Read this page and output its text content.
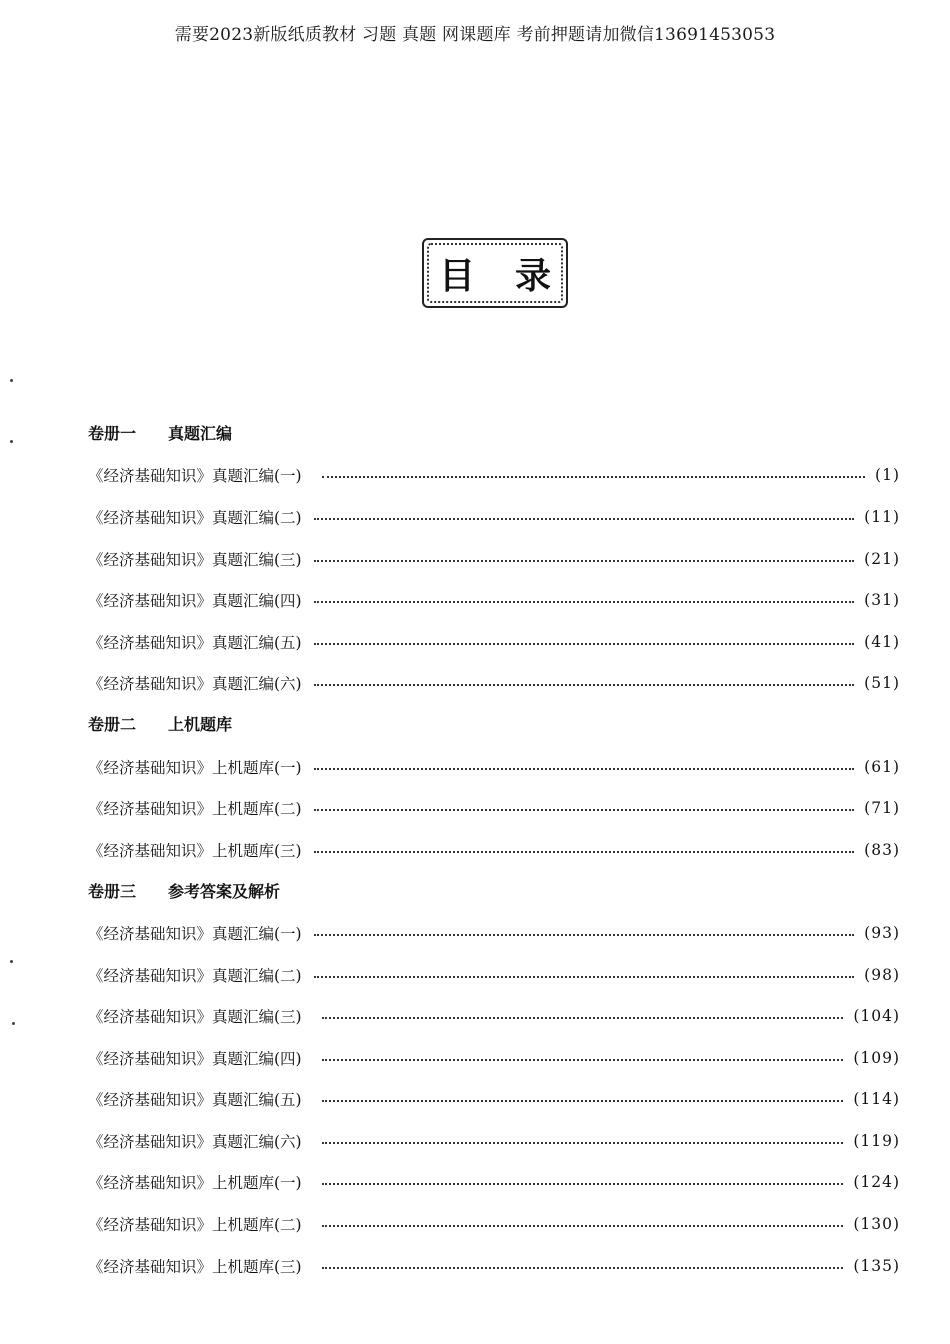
需要2023新版纸质教材 习题 真题 网课题库 考前押题请加微信13691453053
目录
卷册一 真题汇编
《经济基础知识》真题汇编(一)	(1)
《经济基础知识》真题汇编(二)	(11)
《经济基础知识》真题汇编(三)	(21)
《经济基础知识》真题汇编(四)	(31)
《经济基础知识》真题汇编(五)	(41)
《经济基础知识》真题汇编(六)	(51)
卷册二 上机题库
《经济基础知识》上机题库(一)	(61)
《经济基础知识》上机题库(二)	(71)
《经济基础知识》上机题库(三)	(83)
卷册三 参考答案及解析
《经济基础知识》真题汇编(一)	(93)
《经济基础知识》真题汇编(二)	(98)
《经济基础知识》真题汇编(三)	(104)
《经济基础知识》真题汇编(四)	(109)
《经济基础知识》真题汇编(五)	(114)
《经济基础知识》真题汇编(六)	(119)
《经济基础知识》上机题库(一)	(124)
《经济基础知识》上机题库(二)	(130)
《经济基础知识》上机题库(三)	(135)
